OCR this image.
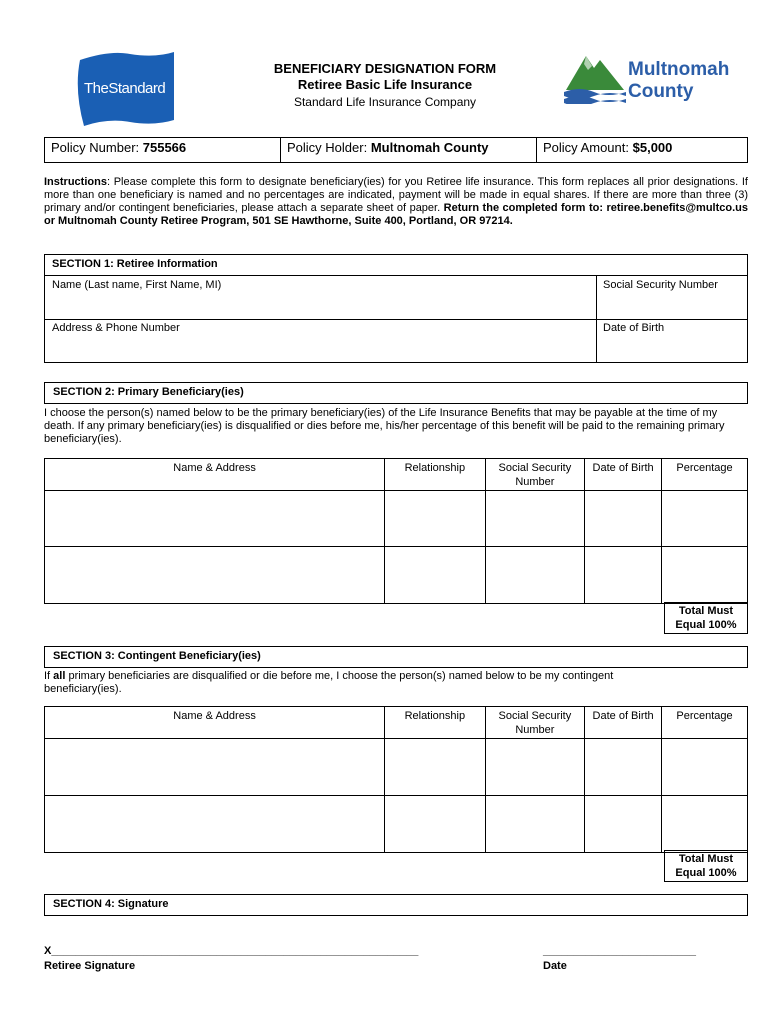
TheStandard
BENEFICIARY DESIGNATION FORM
Retiree Basic Life Insurance
Standard Life Insurance Company
Multnomah
County
Policy Number: 755566	Policy Holder: Multnomah County	Policy Amount: $5,000
Instructions: Please complete this form to designate beneficiary(ies) for you Retiree life insurance. This form replaces all prior designations. If more than one beneficiary is named and no percentages are indicated, payment will be made in equal shares. If there are more than three (3) primary and/or contingent beneficiaries, please attach a separate sheet of paper. Return the completed form to: retiree.benefits@multco.us or Multnomah County Retiree Program, 501 SE Hawthorne, Suite 400, Portland, OR 97214.
SECTION 1: Retiree Information
Name (Last name, First Name, MI)	Social Security Number
Address & Phone Number	Date of Birth
SECTION 2: Primary Beneficiary(ies)
I choose the person(s) named below to be the primary beneficiary(ies) of the Life Insurance Benefits that may be payable at the time of my death. If any primary beneficiary(ies) is disqualified or dies before me, his/her percentage of this benefit will be paid to the remaining primary beneficiary(ies).
Name & Address	Relationship	Social Security Number	Date of Birth	Percentage

Total Must
Equal 100%
SECTION 3: Contingent Beneficiary(ies)
If all primary beneficiaries are disqualified or die before me, I choose the person(s) named below to be my contingent beneficiary(ies).
Name & Address	Relationship	Social Security Number	Date of Birth	Percentage

Total Must
Equal 100%
SECTION 4: Signature
X____________________________________________________________
Retiree Signature
_________________________
Date
